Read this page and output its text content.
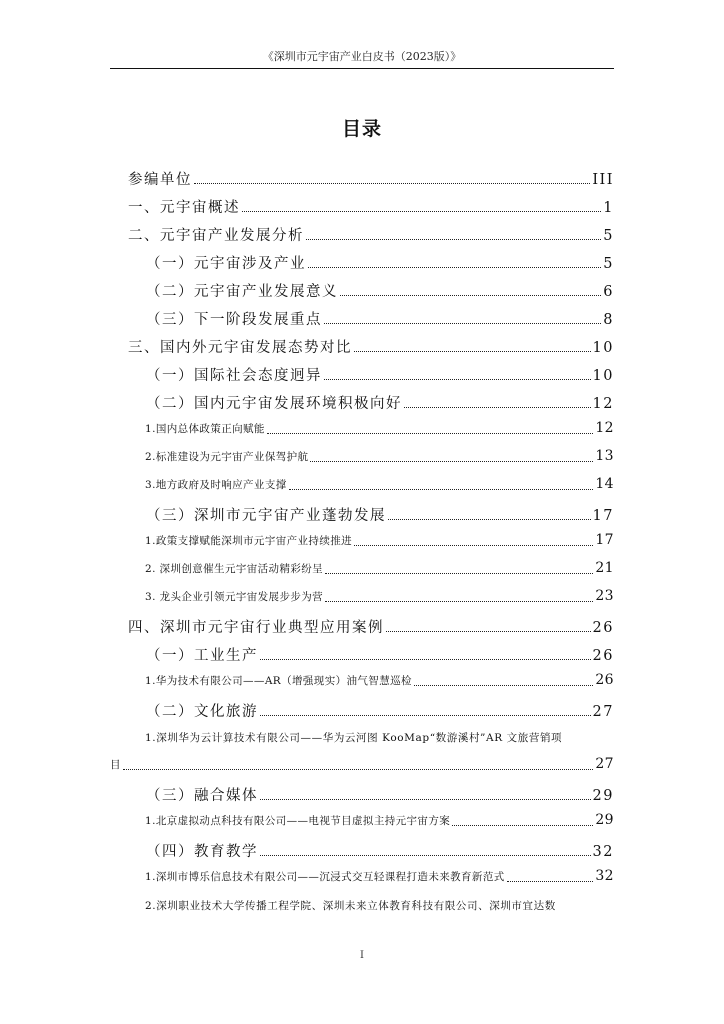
《深圳市元宇宙产业白皮书（2023版）》
目录
参编单位	III
一、元宇宙概述	1
二、元宇宙产业发展分析	5
（一）元宇宙涉及产业	5
（二）元宇宙产业发展意义	6
（三）下一阶段发展重点	8
三、国内外元宇宙发展态势对比	10
（一）国际社会态度迥异	10
（二）国内元宇宙发展环境积极向好	12
1.国内总体政策正向赋能	12
2.标准建设为元宇宙产业保驾护航	13
3.地方政府及时响应产业支撑	14
（三）深圳市元宇宙产业蓬勃发展	17
1.政策支撑赋能深圳市元宇宙产业持续推进	17
2. 深圳创意催生元宇宙活动精彩纷呈	21
3. 龙头企业引领元宇宙发展步步为营	23
四、深圳市元宇宙行业典型应用案例	26
（一）工业生产	26
1.华为技术有限公司——AR（增强现实）油气智慧巡检	26
（二）文化旅游	27
1.深圳华为云计算技术有限公司——华为云河图 KooMap“数游溪村”AR 文旅营销项
目	27
（三）融合媒体	29
1.北京虚拟动点科技有限公司——电视节目虚拟主持元宇宙方案	29
（四）教育教学	32
1.深圳市博乐信息技术有限公司——沉浸式交互轻课程打造未来教育新范式	32
2.深圳职业技术大学传播工程学院、深圳未来立体教育科技有限公司、深圳市宜达数
I
